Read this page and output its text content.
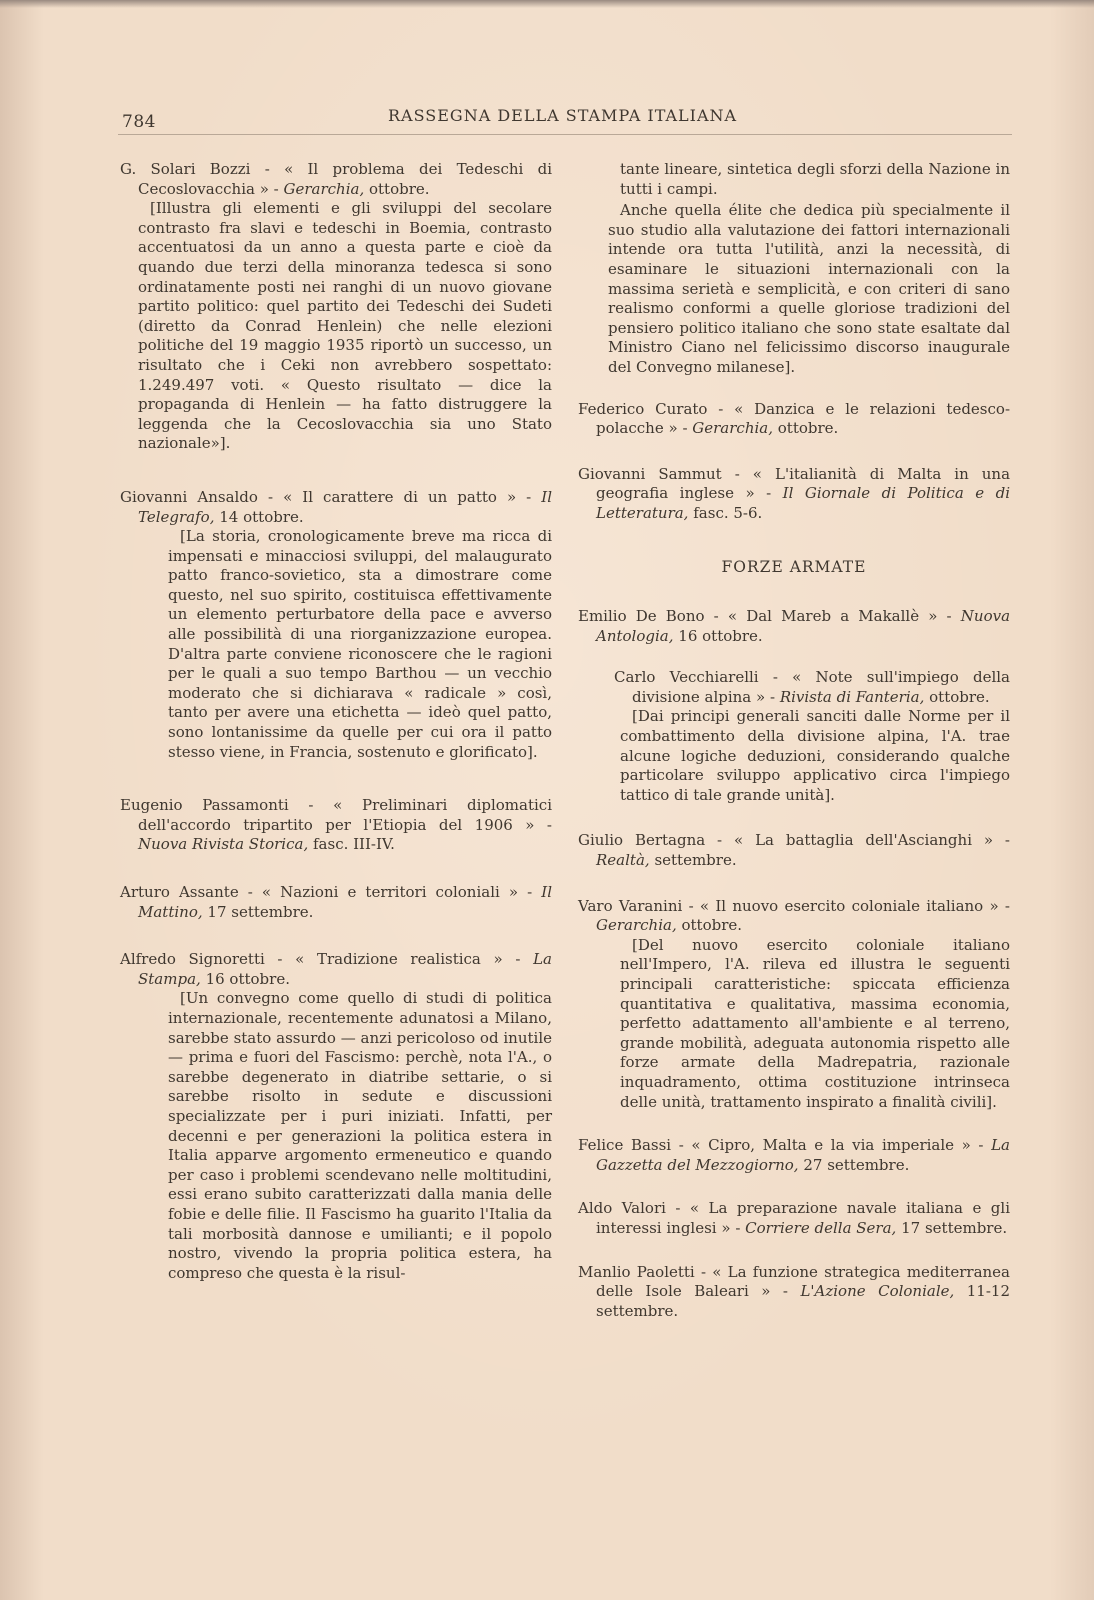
784	RASSEGNA DELLA STAMPA ITALIANA

G. Solari Bozzi - « Il problema dei Tedeschi di Cecoslovacchia » - Gerarchia, ottobre.

[Illustra gli elementi e gli sviluppi del secolare contrasto fra slavi e tedeschi in Boemia, contrasto accentuatosi da un anno a questa parte e cioè da quando due terzi della minoranza tedesca si sono ordinatamente posti nei ranghi di un nuovo giovane partito politico: quel partito dei Tedeschi dei Sudeti (diretto da Conrad Henlein) che nelle elezioni politiche del 19 maggio 1935 riportò un successo, un risultato che i Ceki non avrebbero sospettato: 1.249.497 voti. « Questo risultato — dice la propaganda di Henlein — ha fatto distruggere la leggenda che la Cecoslovacchia sia uno Stato nazionale»].

Giovanni Ansaldo - « Il carattere di un patto » - Il Telegrafo, 14 ottobre.

[La storia, cronologicamente breve ma ricca di impensati e minacciosi sviluppi, del malaugurato patto franco-sovietico, sta a dimostrare come questo, nel suo spirito, costituisca effettivamente un elemento perturbatore della pace e avverso alle possibilità di una riorganizzazione europea. D'altra parte conviene riconoscere che le ragioni per le quali a suo tempo Barthou — un vecchio moderato che si dichiarava « radicale » così, tanto per avere una etichetta — ideò quel patto, sono lontanissime da quelle per cui ora il patto stesso viene, in Francia, sostenuto e glorificato].

Eugenio Passamonti - « Preliminari diplomatici dell'accordo tripartito per l'Etiopia del 1906 » - Nuova Rivista Storica, fasc. III-IV.

Arturo Assante - « Nazioni e territori coloniali » - Il Mattino, 17 settembre.

Alfredo Signoretti - « Tradizione realistica » - La Stampa, 16 ottobre.

[Un convegno come quello di studi di politica internazionale, recentemente adunatosi a Milano, sarebbe stato assurdo — anzi pericoloso od inutile — prima e fuori del Fascismo: perchè, nota l'A., o sarebbe degenerato in diatribe settarie, o si sarebbe risolto in sedute e discussioni specializzate per i puri iniziati. Infatti, per decenni e per generazioni la politica estera in Italia apparve argomento ermeneutico e quando per caso i problemi scendevano nelle moltitudini, essi erano subito caratterizzati dalla mania delle fobie e delle filie. Il Fascismo ha guarito l'Italia da tali morbosità dannose e umilianti; e il popolo nostro, vivendo la propria politica estera, ha compreso che questa è la risul-

tante lineare, sintetica degli sforzi della Nazione in tutti i campi.

Anche quella élite che dedica più specialmente il suo studio alla valutazione dei fattori internazionali intende ora tutta l'utilità, anzi la necessità, di esaminare le situazioni internazionali con la massima serietà e semplicità, e con criteri di sano realismo conformi a quelle gloriose tradizioni del pensiero politico italiano che sono state esaltate dal Ministro Ciano nel felicissimo discorso inaugurale del Convegno milanese].

Federico Curato - « Danzica e le relazioni tedesco-polacche » - Gerarchia, ottobre.

Giovanni Sammut - « L'italianità di Malta in una geografia inglese » - Il Giornale di Politica e di Letteratura, fasc. 5-6.

FORZE ARMATE

Emilio De Bono - « Dal Mareb a Makallè » - Nuova Antologia, 16 ottobre.

Carlo Vecchiarelli - « Note sull'impiego della divisione alpina » - Rivista di Fanteria, ottobre.

[Dai principi generali sanciti dalle Norme per il combattimento della divisione alpina, l'A. trae alcune logiche deduzioni, considerando qualche particolare sviluppo applicativo circa l'impiego tattico di tale grande unità].

Giulio Bertagna - « La battaglia dell'Ascianghi » - Realtà, settembre.

Varo Varanini - « Il nuovo esercito coloniale italiano » - Gerarchia, ottobre.

[Del nuovo esercito coloniale italiano nell'Impero, l'A. rileva ed illustra le seguenti principali caratteristiche: spiccata efficienza quantitativa e qualitativa, massima economia, perfetto adattamento all'ambiente e al terreno, grande mobilità, adeguata autonomia rispetto alle forze armate della Madrepatria, razionale inquadramento, ottima costituzione intrinseca delle unità, trattamento inspirato a finalità civili].

Felice Bassi - « Cipro, Malta e la via imperiale » - La Gazzetta del Mezzogiorno, 27 settembre.

Aldo Valori - « La preparazione navale italiana e gli interessi inglesi » - Corriere della Sera, 17 settembre.

Manlio Paoletti - « La funzione strategica mediterranea delle Isole Baleari » - L'Azione Coloniale, 11-12 settembre.
